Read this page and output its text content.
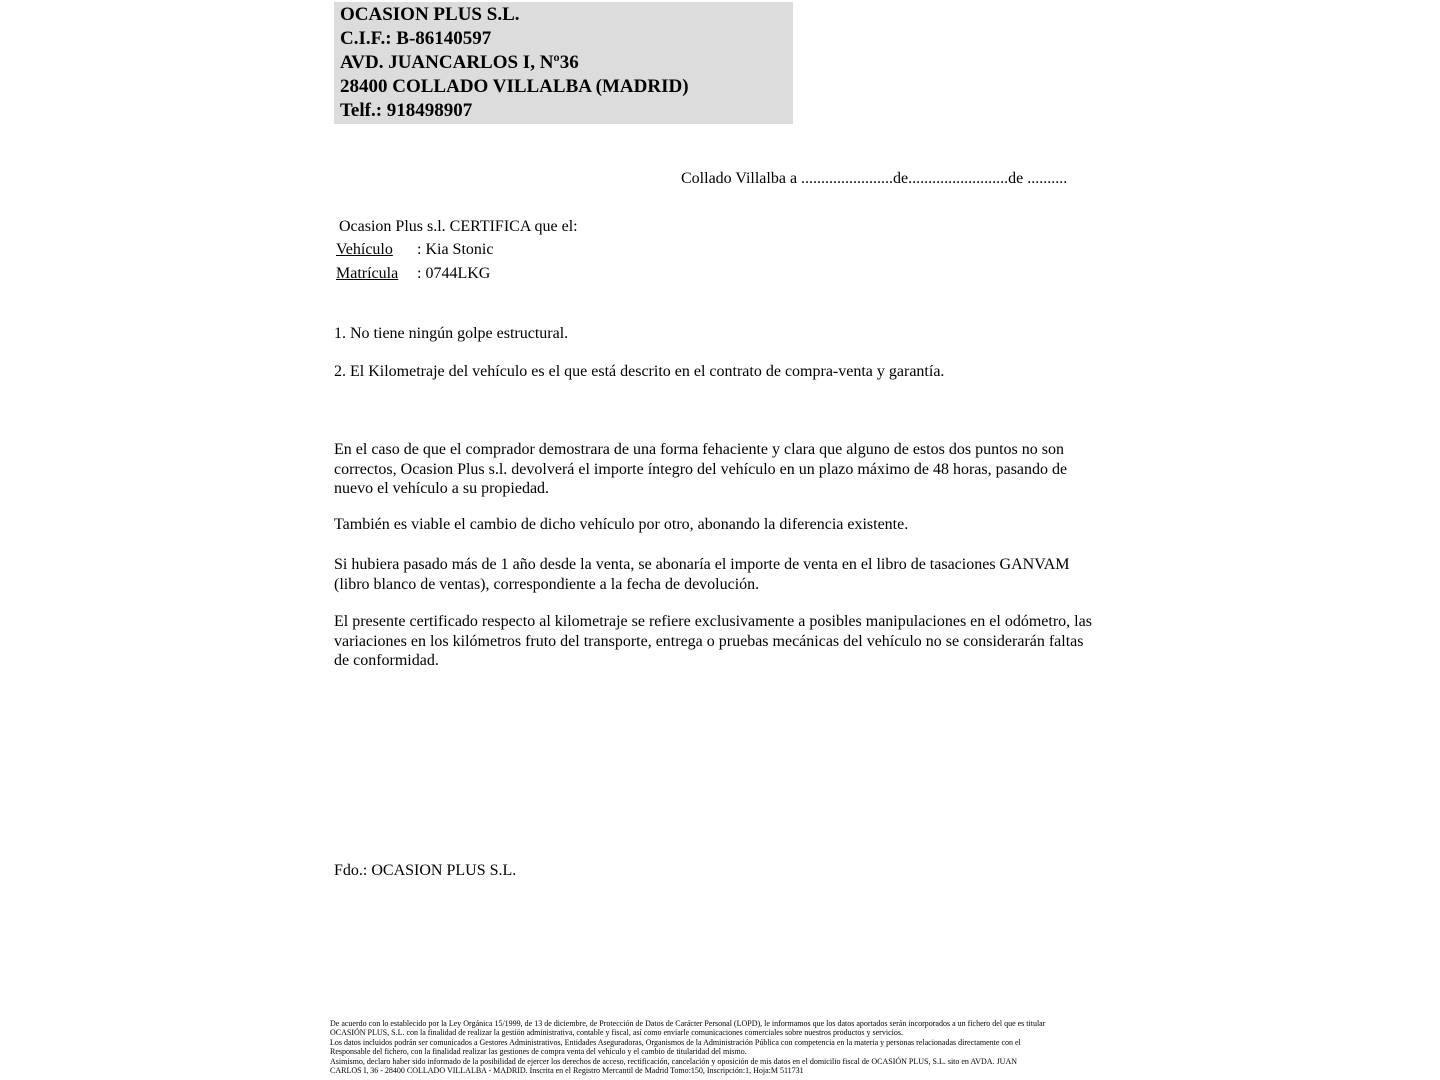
OCASION PLUS S.L.
C.I.F.: B-86140597
AVD. JUANCARLOS I, Nº36
28400 COLLADO VILLALBA (MADRID)
Telf.: 918498907
Collado Villalba a .......................de.........................de ..........
Ocasion Plus s.l. CERTIFICA que el:
Vehículo : Kia Stonic
Matrícula : 0744LKG
1. No tiene ningún golpe estructural.
2. El Kilometraje del vehículo es el que está descrito en el contrato de compra-venta y garantía.
En el caso de que el comprador demostrara de una forma fehaciente y clara que alguno de estos dos puntos no son correctos, Ocasion Plus s.l. devolverá el importe íntegro del vehículo en un plazo máximo de 48 horas, pasando de nuevo el vehículo a su propiedad.
También es viable el cambio de dicho vehículo por otro, abonando la diferencia existente.
Si hubiera pasado más de 1 año desde la venta, se abonaría el importe de venta en el libro de tasaciones GANVAM (libro blanco de ventas), correspondiente a la fecha de devolución.
El presente certificado respecto al kilometraje se refiere exclusivamente a posibles manipulaciones en el odómetro, las variaciones en los kilómetros fruto del transporte, entrega o pruebas mecánicas del vehículo no se considerarán faltas de conformidad.
Fdo.: OCASION PLUS S.L.
De acuerdo con lo establecido por la Ley Orgánica 15/1999, de 13 de diciembre, de Protección de Datos de Carácter Personal (LOPD), le informamos que los datos aportados serán incorporados a un fichero del que es titular
OCASIÓN PLUS, S.L. con la finalidad de realizar la gestión administrativa, contable y fiscal, así como enviarle comunicaciones comerciales sobre nuestros productos y servicios.
Los datos incluidos podrán ser comunicados a Gestores Administrativos, Entidades Aseguradoras, Organismos de la Administración Pública con competencia en la materia y personas relacionadas directamente con el
Responsable del fichero, con la finalidad realizar las gestiones de compra venta del vehículo y el cambio de titularidad del mismo.
Asimismo, declaro haber sido informado de la posibilidad de ejercer los derechos de acceso, rectificación, cancelación y oposición de mis datos en el domicilio fiscal de OCASIÓN PLUS, S.L. sito en AVDA. JUAN
CARLOS I, 36 - 28400 COLLADO VILLALBA - MADRID. Inscrita en el Registro Mercantil de Madrid Tomo:150, Inscripción:1, Hoja:M 511731
